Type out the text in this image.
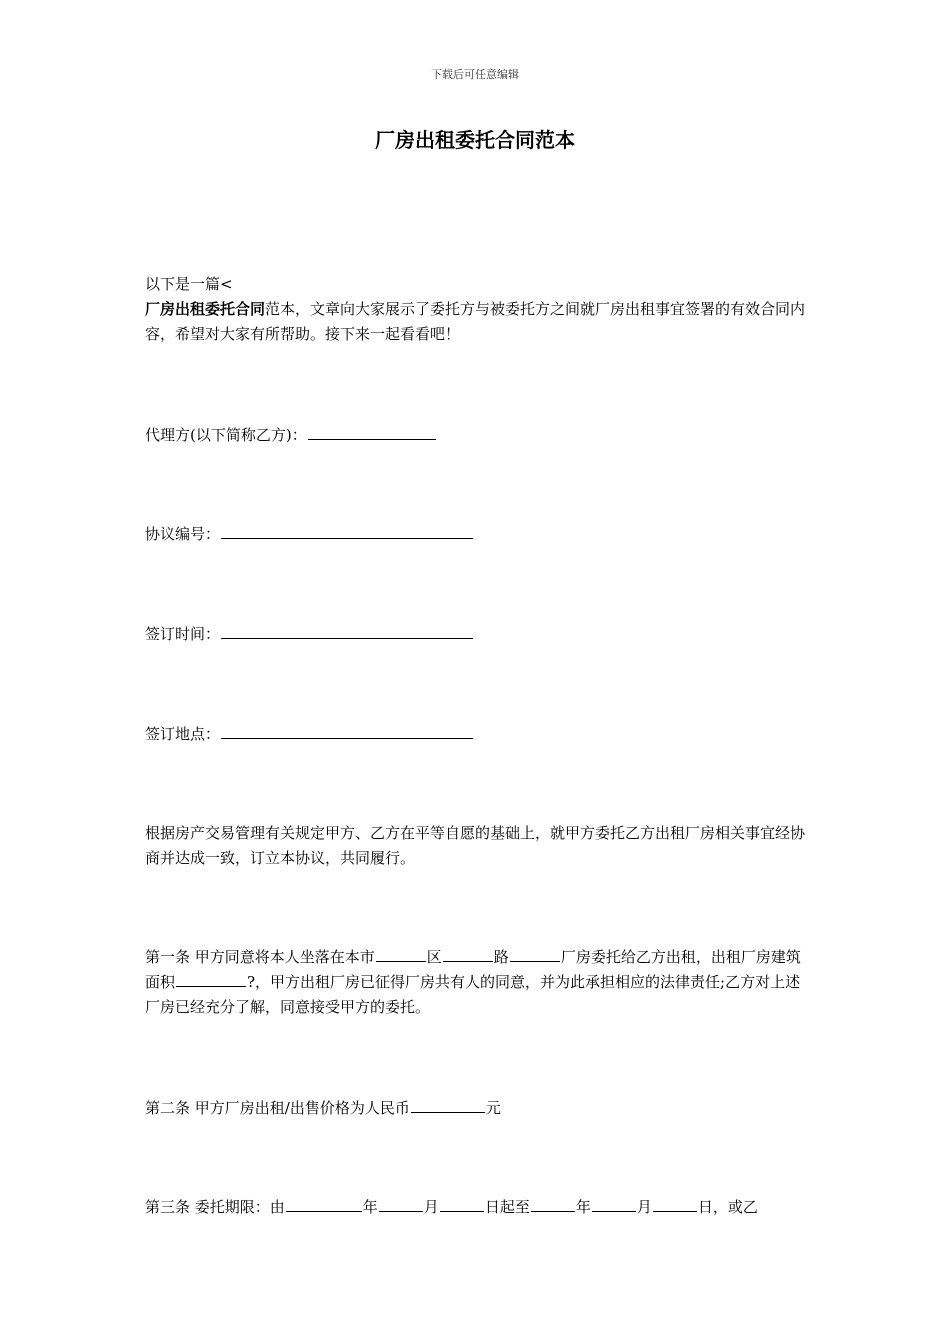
下载后可任意编辑
厂房出租委托合同范本
以下是一篇<
厂房出租委托合同范本，文章向大家展示了委托方与被委托方之间就厂房出租事宜签署的有效合同内容，希望对大家有所帮助。接下来一起看看吧！
代理方(以下简称乙方)：
协议编号：
签订时间：
签订地点：
根据房产交易管理有关规定甲方、乙方在平等自愿的基础上，就甲方委托乙方出租厂房相关事宜经协商并达成一致，订立本协议，共同履行。
第一条 甲方同意将本人坐落在本市	区	路	厂房委托给乙方出租，出租厂房建筑面积	?，甲方出租厂房已征得厂房共有人的同意，并为此承担相应的法律责任;乙方对上述厂房已经充分了解，同意接受甲方的委托。
第二条 甲方厂房出租/出售价格为人民币	元
第三条 委托期限：由	年	月	日起至	年	月	日，或乙
